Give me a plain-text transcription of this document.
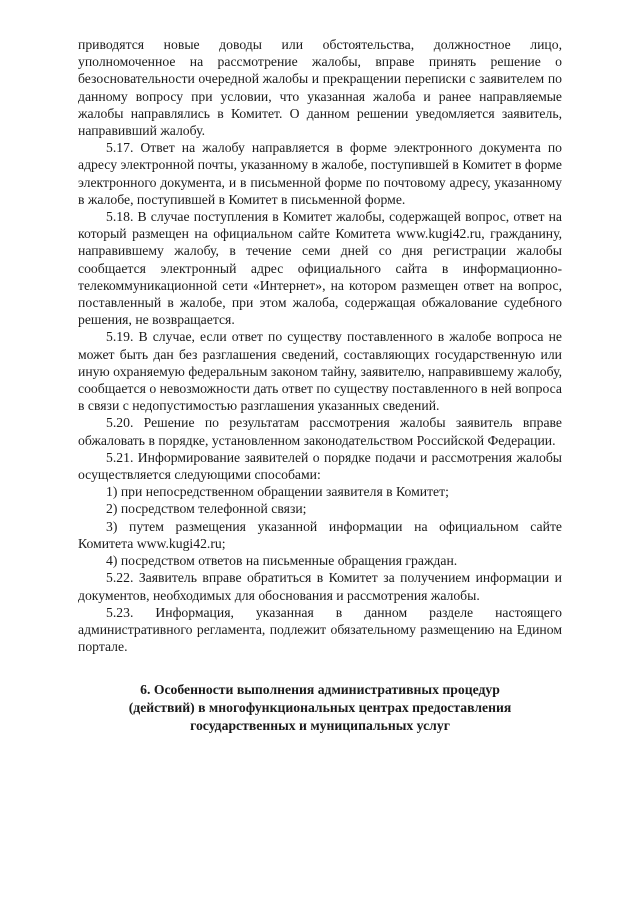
приводятся новые доводы или обстоятельства, должностное лицо, уполномоченное на рассмотрение жалобы, вправе принять решение о безосновательности очередной жалобы и прекращении переписки с заявителем по данному вопросу при условии, что указанная жалоба и ранее направляемые жалобы направлялись в Комитет. О данном решении уведомляется заявитель, направивший жалобу.

5.17. Ответ на жалобу направляется в форме электронного документа по адресу электронной почты, указанному в жалобе, поступившей в Комитет в форме электронного документа, и в письменной форме по почтовому адресу, указанному в жалобе, поступившей в Комитет в письменной форме.

5.18. В случае поступления в Комитет жалобы, содержащей вопрос, ответ на который размещен на официальном сайте Комитета www.kugi42.ru, гражданину, направившему жалобу, в течение семи дней со дня регистрации жалобы сообщается электронный адрес официального сайта в информационно-телекоммуникационной сети «Интернет», на котором размещен ответ на вопрос, поставленный в жалобе, при этом жалоба, содержащая обжалование судебного решения, не возвращается.

5.19. В случае, если ответ по существу поставленного в жалобе вопроса не может быть дан без разглашения сведений, составляющих государственную или иную охраняемую федеральным законом тайну, заявителю, направившему жалобу, сообщается о невозможности дать ответ по существу поставленного в ней вопроса в связи с недопустимостью разглашения указанных сведений.

5.20. Решение по результатам рассмотрения жалобы заявитель вправе обжаловать в порядке, установленном законодательством Российской Федерации.

5.21. Информирование заявителей о порядке подачи и рассмотрения жалобы осуществляется следующими способами:

1) при непосредственном обращении заявителя в Комитет;

2) посредством телефонной связи;

3) путем размещения указанной информации на официальном сайте Комитета www.kugi42.ru;

4) посредством ответов на письменные обращения граждан.

5.22. Заявитель вправе обратиться в Комитет за получением информации и документов, необходимых для обоснования и рассмотрения жалобы.

5.23. Информация, указанная в данном разделе настоящего административного регламента, подлежит обязательному размещению на Едином портале.

6. Особенности выполнения административных процедур
(действий) в многофункциональных центрах предоставления
государственных и муниципальных услуг
